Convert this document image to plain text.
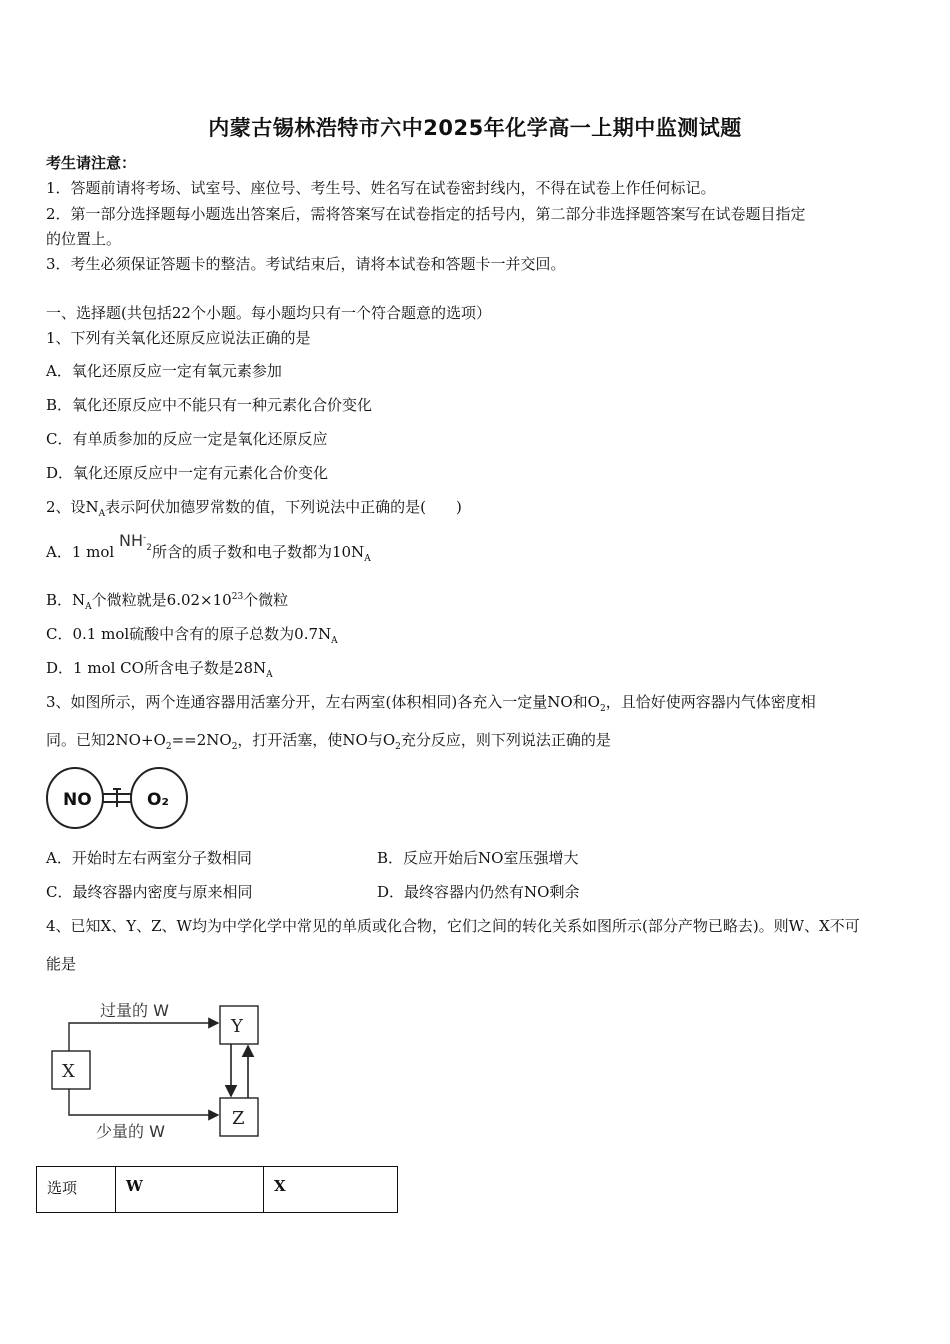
内蒙古锡林浩特市六中2025年化学高一上期中监测试题
考生请注意：
1．答题前请将考场、试室号、座位号、考生号、姓名写在试卷密封线内，不得在试卷上作任何标记。
2．第一部分选择题每小题选出答案后，需将答案写在试卷指定的括号内，第二部分非选择题答案写在试卷题目指定
的位置上。
3．考生必须保证答题卡的整洁。考试结束后，请将本试卷和答题卡一并交回。
一、选择题(共包括22个小题。每小题均只有一个符合题意的选项）
1、下列有关氧化还原反应说法正确的是
A．氧化还原反应一定有氧元素参加
B．氧化还原反应中不能只有一种元素化合价变化
C．有单质参加的反应一定是氧化还原反应
D．氧化还原反应中一定有元素化合价变化
2、设$N_A$表示阿伏加德罗常数的值，下列说法中正确的是(　　)
A．1 mol $NH^-_2$所含的质子数和电子数都为$10N_A$
B．$N_A$个微粒就是$6.02\times 10^{23}$个微粒
C．0.1 mol硫酸中含有的原子总数为$0.7N_A$
D．1 mol CO所含电子数是$28N_A$
3、如图所示，两个连通容器用活塞分开，左右两室(体积相同)各充入一定量NO和$O_2$，且恰好使两容器内气体密度相
同。已知$2NO+O_2==2NO_2$，打开活塞，使NO与$O_2$充分反应，则下列说法正确的是
NO	O₂
A．开始时左右两室分子数相同	B．反应开始后NO室压强增大
C．最终容器内密度与原来相同	D．最终容器内仍然有NO剩余
4、已知X、Y、Z、W均为中学化学中常见的单质或化合物，它们之间的转化关系如图所示(部分产物已略去)。则W、X不可
能是
X
Y
Z
过量的 W
少量的 W
选项	W	X
